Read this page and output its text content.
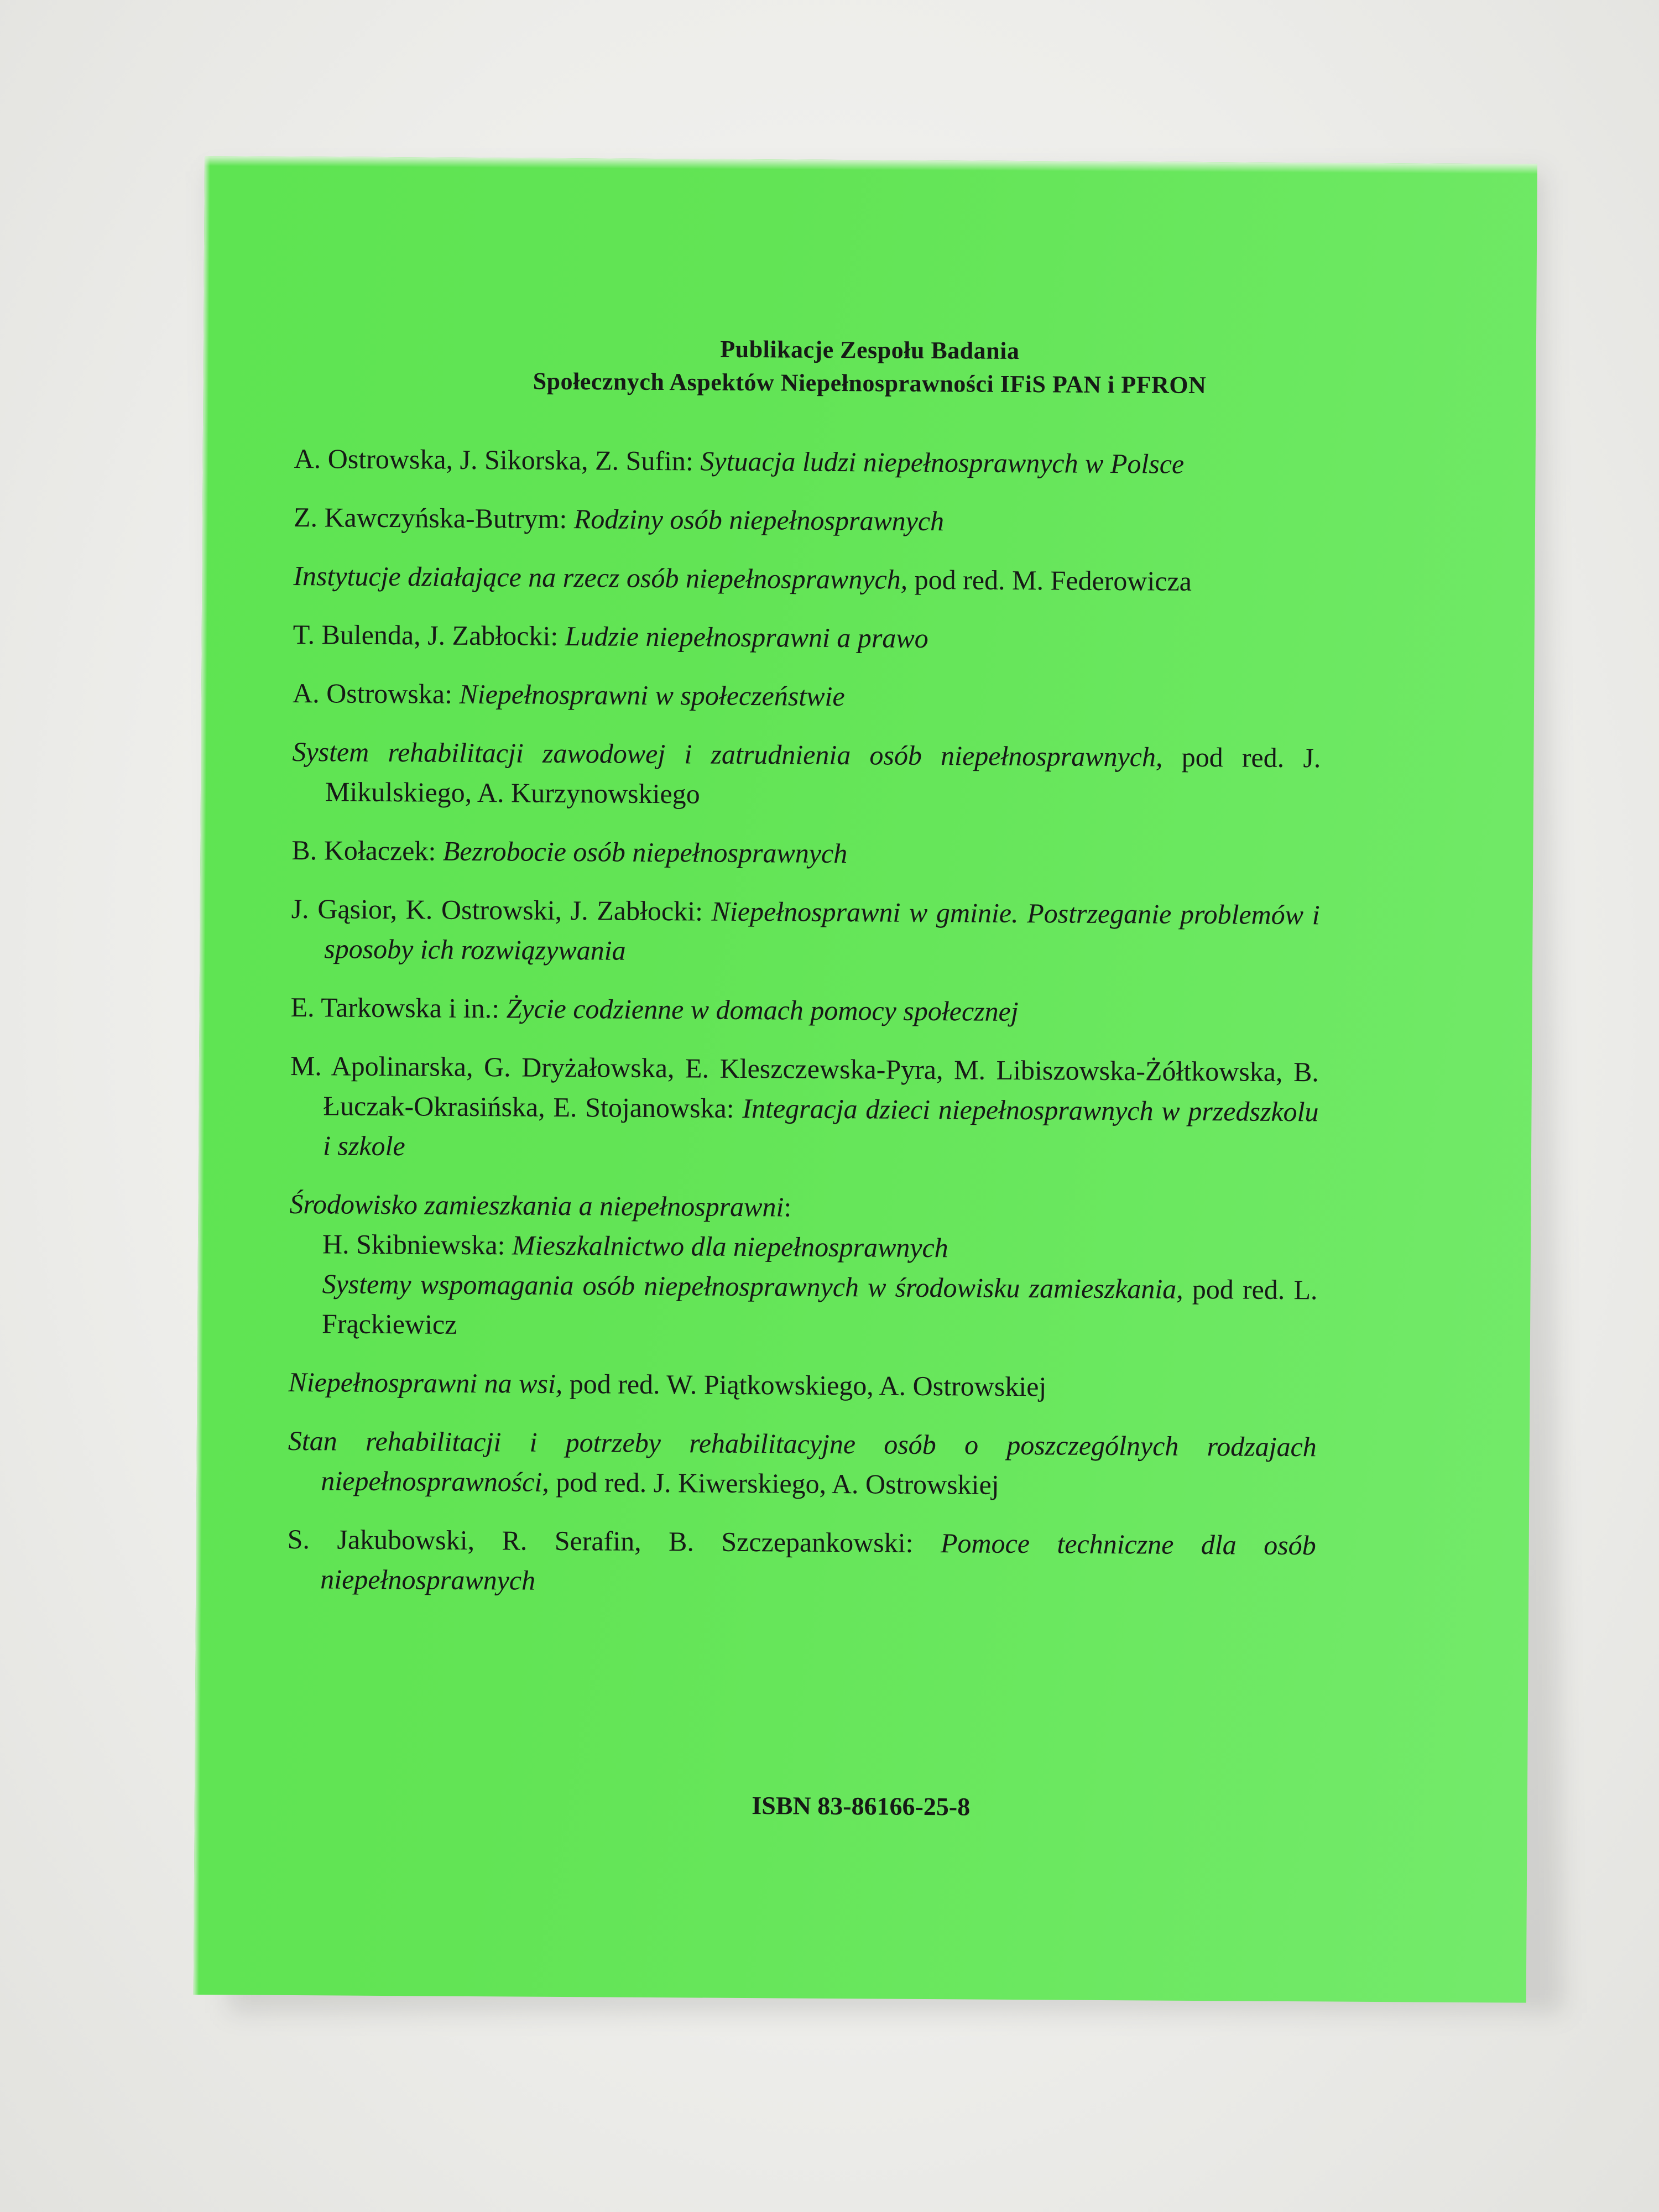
Publikacje Zespołu Badania
Społecznych Aspektów Niepełnosprawności IFiS PAN i PFRON

A. Ostrowska, J. Sikorska, Z. Sufin: Sytuacja ludzi niepełnosprawnych w Polsce

Z. Kawczyńska-Butrym: Rodziny osób niepełnosprawnych

Instytucje działające na rzecz osób niepełnosprawnych, pod red. M. Federowicza

T. Bulenda, J. Zabłocki: Ludzie niepełnosprawni a prawo

A. Ostrowska: Niepełnosprawni w społeczeństwie

System rehabilitacji zawodowej i zatrudnienia osób niepełnosprawnych, pod red. J. Mikulskiego, A. Kurzynowskiego

B. Kołaczek: Bezrobocie osób niepełnosprawnych

J. Gąsior, K. Ostrowski, J. Zabłocki: Niepełnosprawni w gminie. Postrzeganie problemów i sposoby ich rozwiązywania

E. Tarkowska i in.: Życie codzienne w domach pomocy społecznej

M. Apolinarska, G. Dryżałowska, E. Kleszczewska-Pyra, M. Libiszowska-Żółtkowska, B. Łuczak-Okrasińska, E. Stojanowska: Integracja dzieci niepełnosprawnych w przedszkolu i szkole

Środowisko zamieszkania a niepełnosprawni:
H. Skibniewska: Mieszkalnictwo dla niepełnosprawnych
Systemy wspomagania osób niepełnosprawnych w środowisku zamieszkania, pod red. L. Frąckiewicz

Niepełnosprawni na wsi, pod red. W. Piątkowskiego, A. Ostrowskiej

Stan rehabilitacji i potrzeby rehabilitacyjne osób o poszczególnych rodzajach niepełnosprawności, pod red. J. Kiwerskiego, A. Ostrowskiej

S. Jakubowski, R. Serafin, B. Szczepankowski: Pomoce techniczne dla osób niepełnosprawnych

ISBN 83-86166-25-8
